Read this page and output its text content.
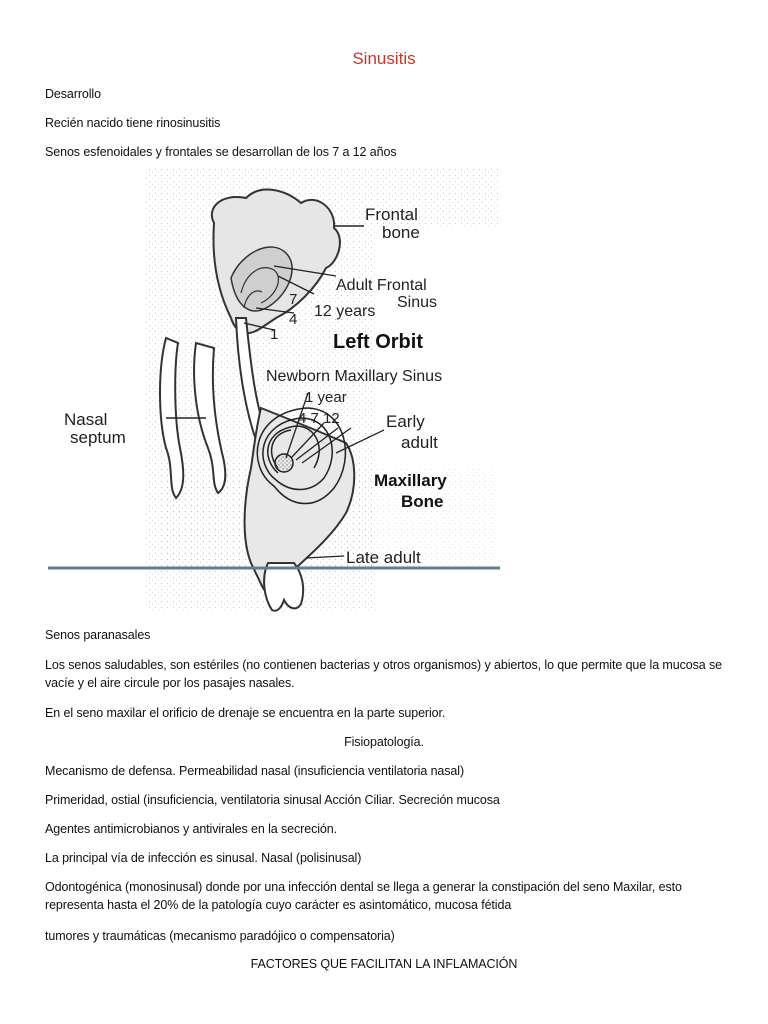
Sinusitis
Desarrollo
Recién nacido tiene rinosinusitis
Senos esfenoidales y frontales se desarrollan de los 7 a 12 años
Frontal
bone
Adult Frontal
Sinus
7
4 12 years
1	Left Orbit
Newborn Maxillary Sinus
1 year
4 7 12
Nasal
septum
Early
adult
Maxillary
Bone
Late adult
Senos paranasales
Los senos saludables, son estériles (no contienen bacterias y otros organismos) y abiertos, lo que permite que la mucosa se vacíe y el aire circule por los pasajes nasales.
En el seno maxilar el orificio de drenaje se encuentra en la parte superior.
Fisiopatología.
Mecanismo de defensa. Permeabilidad nasal (insuficiencia ventilatoria nasal)
Primeridad, ostial (insuficiencia, ventilatoria sinusal Acción Ciliar. Secreción mucosa
Agentes antimicrobianos y antivirales en la secreción.
La principal vía de infección es sinusal. Nasal (polisinusal)
Odontogénica (monosinusal) donde por una infección dental se llega a generar la constipación del seno Maxilar, esto representa hasta el 20% de la patología cuyo carácter es asintomático, mucosa fétida
tumores y traumáticas (mecanismo paradójico o compensatoria)
FACTORES QUE FACILITAN LA INFLAMACIÓN
